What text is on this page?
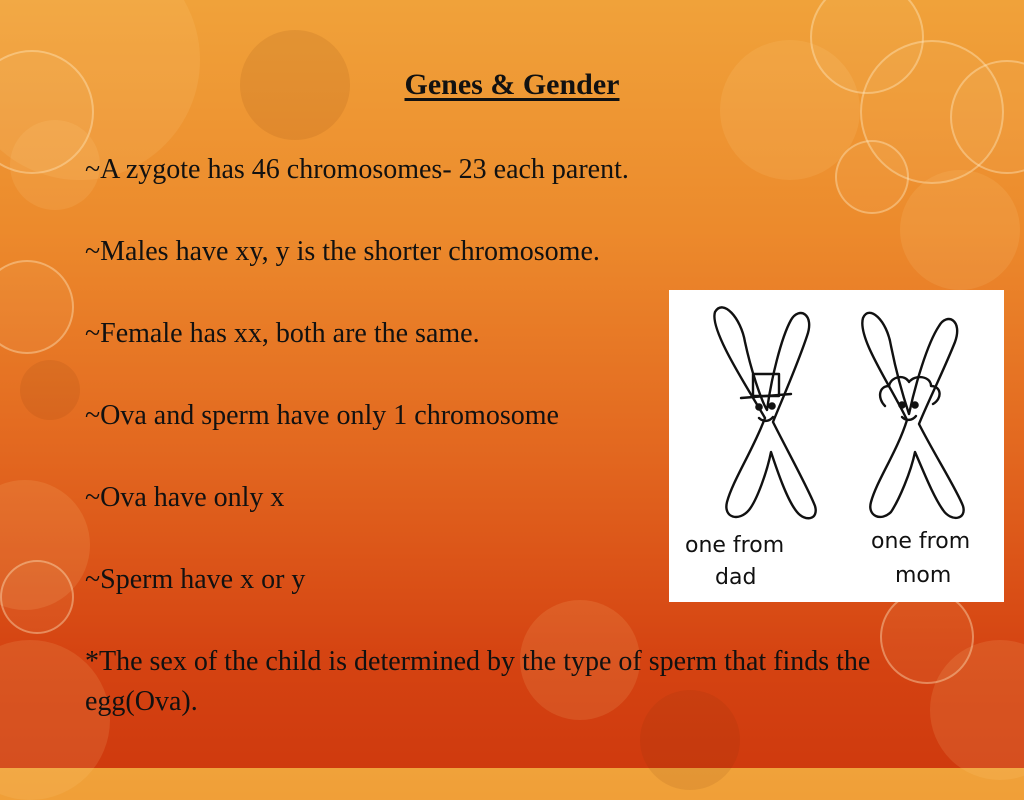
Genes & Gender
~A zygote has 46 chromosomes- 23 each parent.
~Males have xy, y is the shorter chromosome.
~Female has xx, both are the same.
~Ova and sperm have only 1 chromosome
~Ova have only x
~Sperm have x or y
*The sex of the child is determined by the type of sperm that finds the egg(Ova).
one from
dad
one from
mom
